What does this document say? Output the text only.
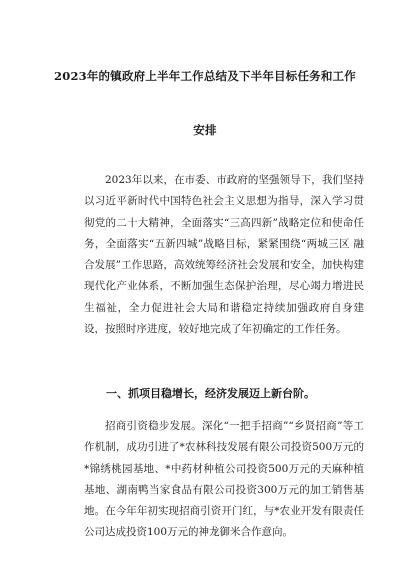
2023年的镇政府上半年工作总结及下半年目标任务和工作
安排

2023年以来，在市委、市政府的坚强领导下，我们坚持以习近平新时代中国特色社会主义思想为指导，深入学习贯彻党的二十大精神，全面落实“三高四新”战略定位和使命任务，全面落实“五新四城”战略目标，紧紧围绕“两城三区 融合发展”工作思路，高效统筹经济社会发展和安全，加快构建现代化产业体系，不断加强生态保护治理，尽心竭力增进民生福祉，全力促进社会大局和谐稳定持续加强政府自身建设，按照时序进度，较好地完成了年初确定的工作任务。

一、抓项目稳增长，经济发展迈上新台阶。

招商引资稳步发展。深化“一把手招商”“乡贤招商”等工作机制，成功引进了*农林科技发展有限公司投资500万元的*锦绣桃园基地、*中药材种植公司投资500万元的天麻种植基地、湖南鸭当家食品有限公司投资300万元的加工销售基地。在今年年初实现招商引资开门红，与*农业开发有限责任公司达成投资100万元的神龙御米合作意向。
